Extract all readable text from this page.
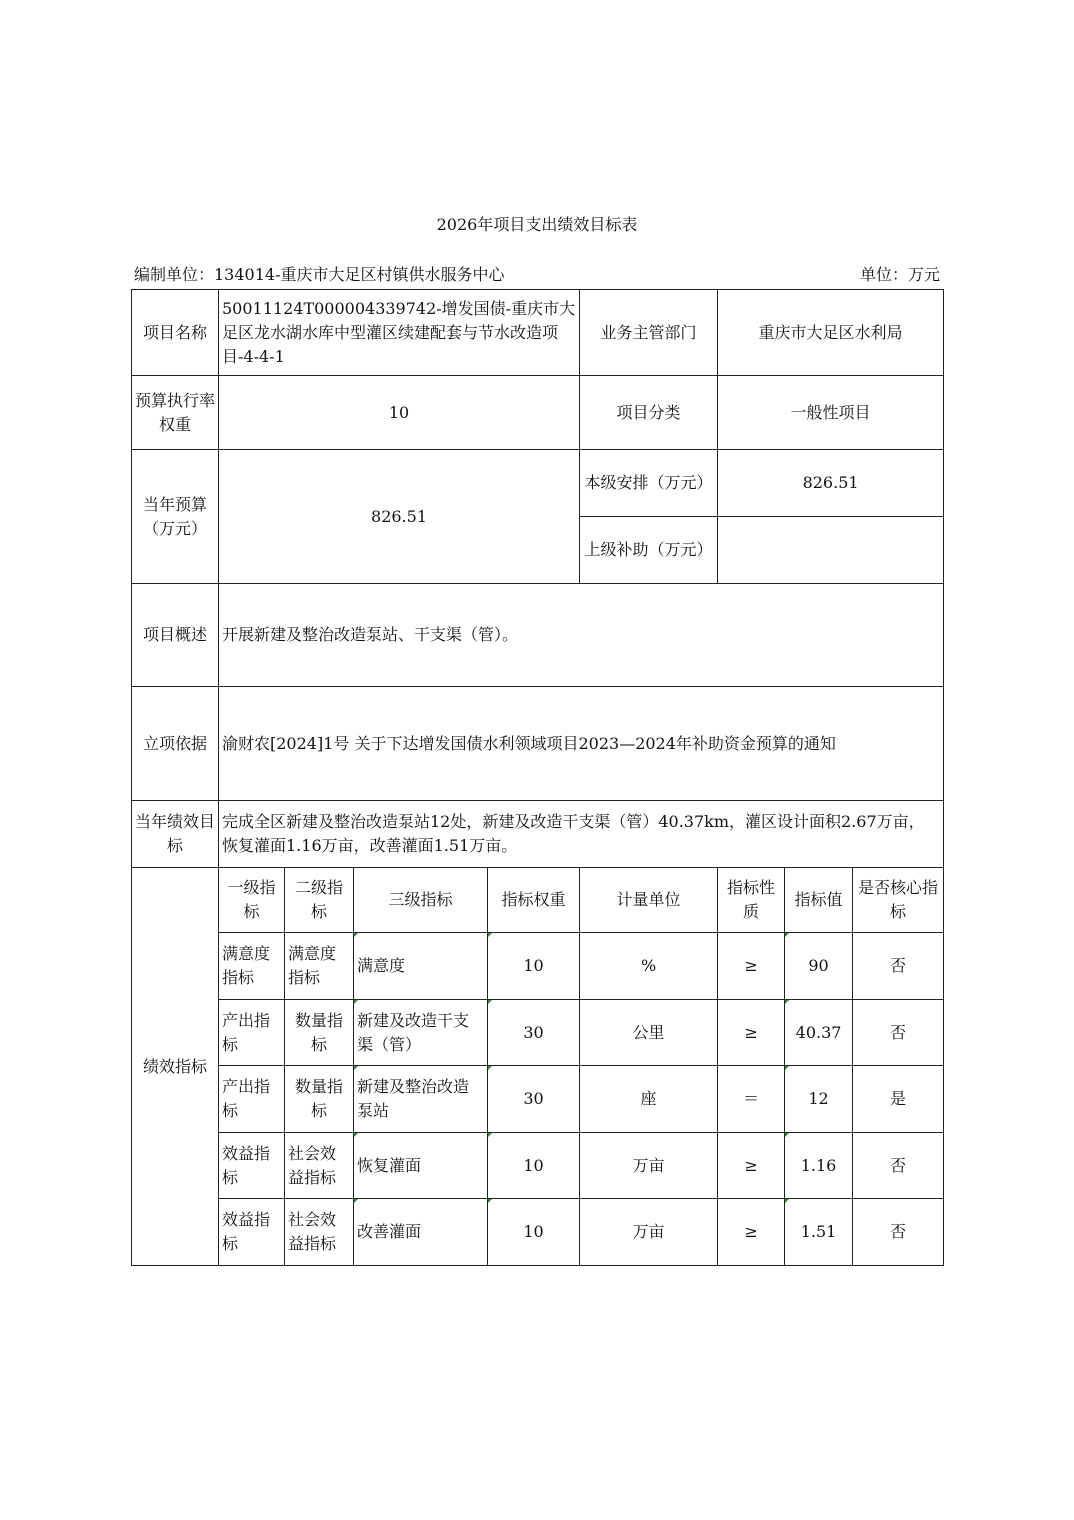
2026年项目支出绩效目标表
编制单位：134014-重庆市大足区村镇供水服务中心	单位：万元
项目名称	50011124T000004339742-增发国债-重庆市大足区龙水湖水库中型灌区续建配套与节水改造项目-4-4-1				业务主管部门	重庆市大足区水利局		
预算执行率权重	10				项目分类	一般性项目		
当年预算（万元）	826.51				本级安排（万元）	826.51		
					上级补助（万元）			
项目概述	开展新建及整治改造泵站、干支渠（管）。							
立项依据	渝财农[2024]1号 关于下达增发国债水利领域项目2023—2024年补助资金预算的通知							
当年绩效目标	完成全区新建及整治改造泵站12处，新建及改造干支渠（管）40.37km，灌区设计面积2.67万亩，恢复灌面1.16万亩，改善灌面1.51万亩。							
绩效指标	一级指标	二级指标	三级指标	指标权重	计量单位	指标性质	指标值	是否核心指标
	满意度指标	满意度指标	满意度	10	%	≥	90	否
	产出指标	数量指标	新建及改造干支渠（管）	30	公里	≥	40.37	否
	产出指标	数量指标	新建及整治改造泵站	30	座	＝	12	是
	效益指标	社会效益指标	恢复灌面	10	万亩	≥	1.16	否
	效益指标	社会效益指标	改善灌面	10	万亩	≥	1.51	否
